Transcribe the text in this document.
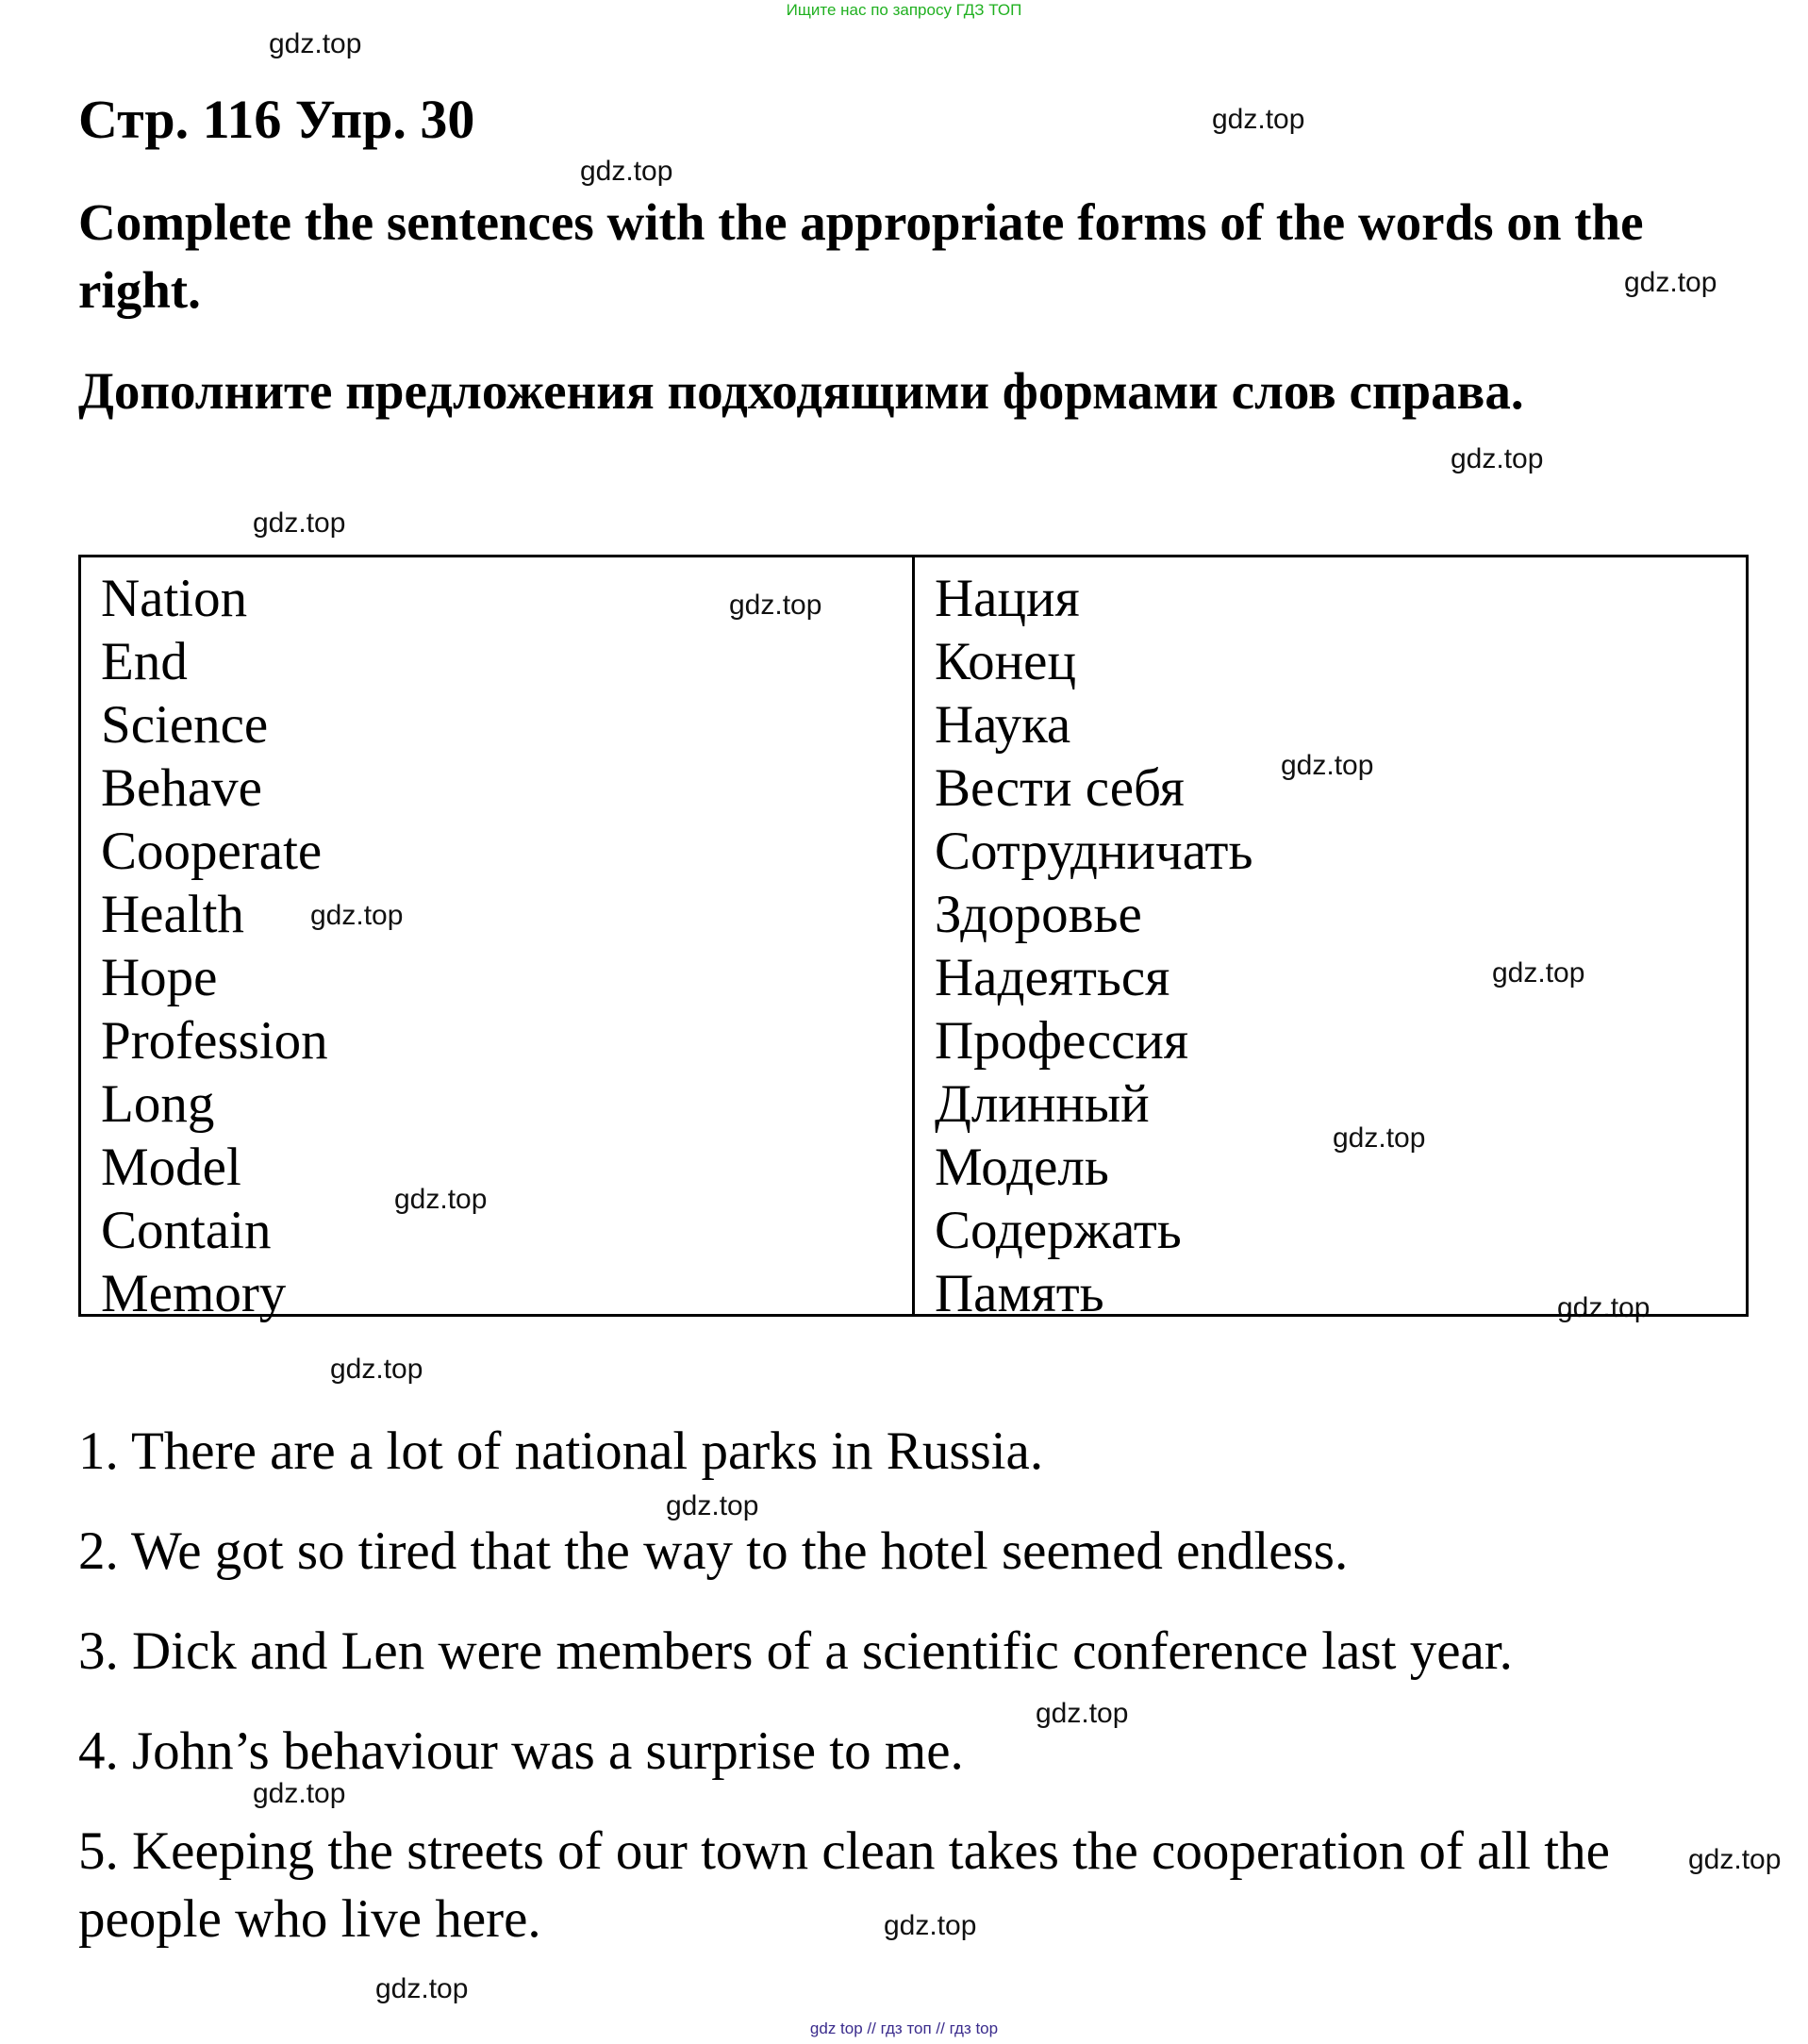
Ищите нас по запросу ГДЗ ТОП
gdz.top
gdz.top
gdz.top
gdz.top
gdz.top
gdz.top
gdz.top
gdz.top
gdz.top
gdz.top
gdz.top
gdz.top
gdz.top
gdz.top
gdz.top
gdz.top
gdz.top
gdz.top
gdz.top
gdz.top
Стр. 116 Упр. 30
Complete the sentences with the appropriate forms of the words on the right.
Дополните предложения подходящими формами слов справа.
Nation
End
Science
Behave
Cooperate
Health
Hope
Profession
Long
Model
Contain
Memory
Нация
Конец
Наука
Вести себя
Сотрудничать
Здоровье
Надеяться
Профессия
Длинный
Модель
Содержать
Память
1. There are a lot of national parks in Russia.
2. We got so tired that the way to the hotel seemed endless.
3. Dick and Len were members of a scientific conference last year.
4. John’s behaviour was a surprise to me.
5. Keeping the streets of our town clean takes the cooperation of all the people who live here.
gdz top // гдз топ // гдз top
